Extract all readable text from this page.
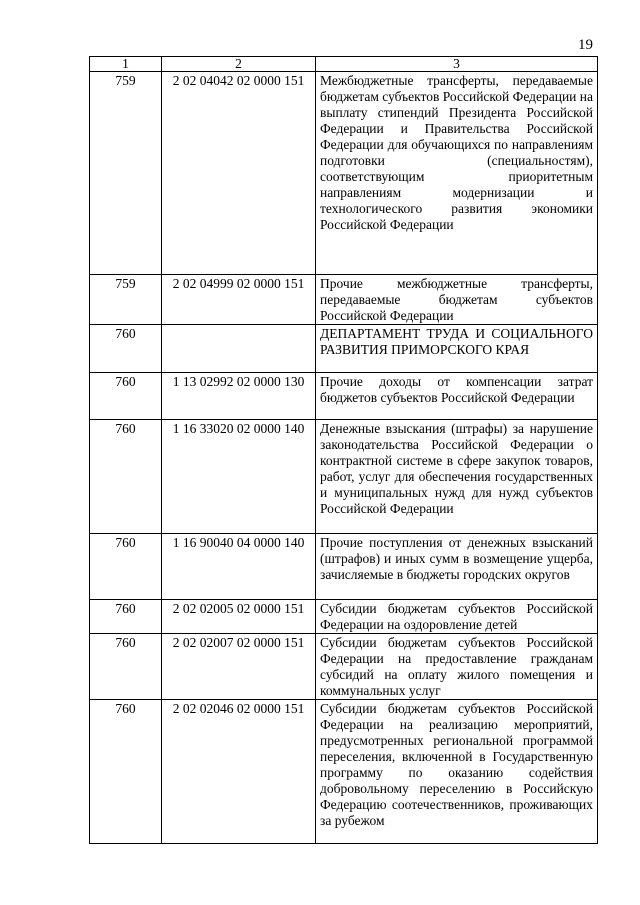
19
1	2	3
759	2 02 04042 02 0000 151	Межбюджетные трансферты, передаваемые бюджетам субъектов Российской Федерации на выплату стипендий Президента Российской Федерации и Правительства Российской Федерации для обучающихся по направлениям подготовки (специальностям), соответствующим приоритетным направлениям модернизации и технологического развития экономики Российской Федерации
759	2 02 04999 02 0000 151	Прочие межбюджетные трансферты, передаваемые бюджетам субъектов Российской Федерации
760		ДЕПАРТАМЕНТ ТРУДА И СОЦИАЛЬНОГО РАЗВИТИЯ ПРИМОРСКОГО КРАЯ
760	1 13 02992 02 0000 130	Прочие доходы от компенсации затрат бюджетов субъектов Российской Федерации
760	1 16 33020 02 0000 140	Денежные взыскания (штрафы) за нарушение законодательства Российской Федерации о контрактной системе в сфере закупок товаров, работ, услуг для обеспечения государственных и муниципальных нужд для нужд субъектов Российской Федерации
760	1 16 90040 04 0000 140	Прочие поступления от денежных взысканий (штрафов) и иных сумм в возмещение ущерба, зачисляемые в бюджеты городских округов
760	2 02 02005 02 0000 151	Субсидии бюджетам субъектов Российской Федерации на оздоровление детей
760	2 02 02007 02 0000 151	Субсидии бюджетам субъектов Российской Федерации на предоставление гражданам субсидий на оплату жилого помещения и коммунальных услуг
760	2 02 02046 02 0000 151	Субсидии бюджетам субъектов Российской Федерации на реализацию мероприятий, предусмотренных региональной программой переселения, включенной в Государственную программу по оказанию содействия добровольному переселению в Российскую Федерацию соотечественников, проживающих за рубежом
